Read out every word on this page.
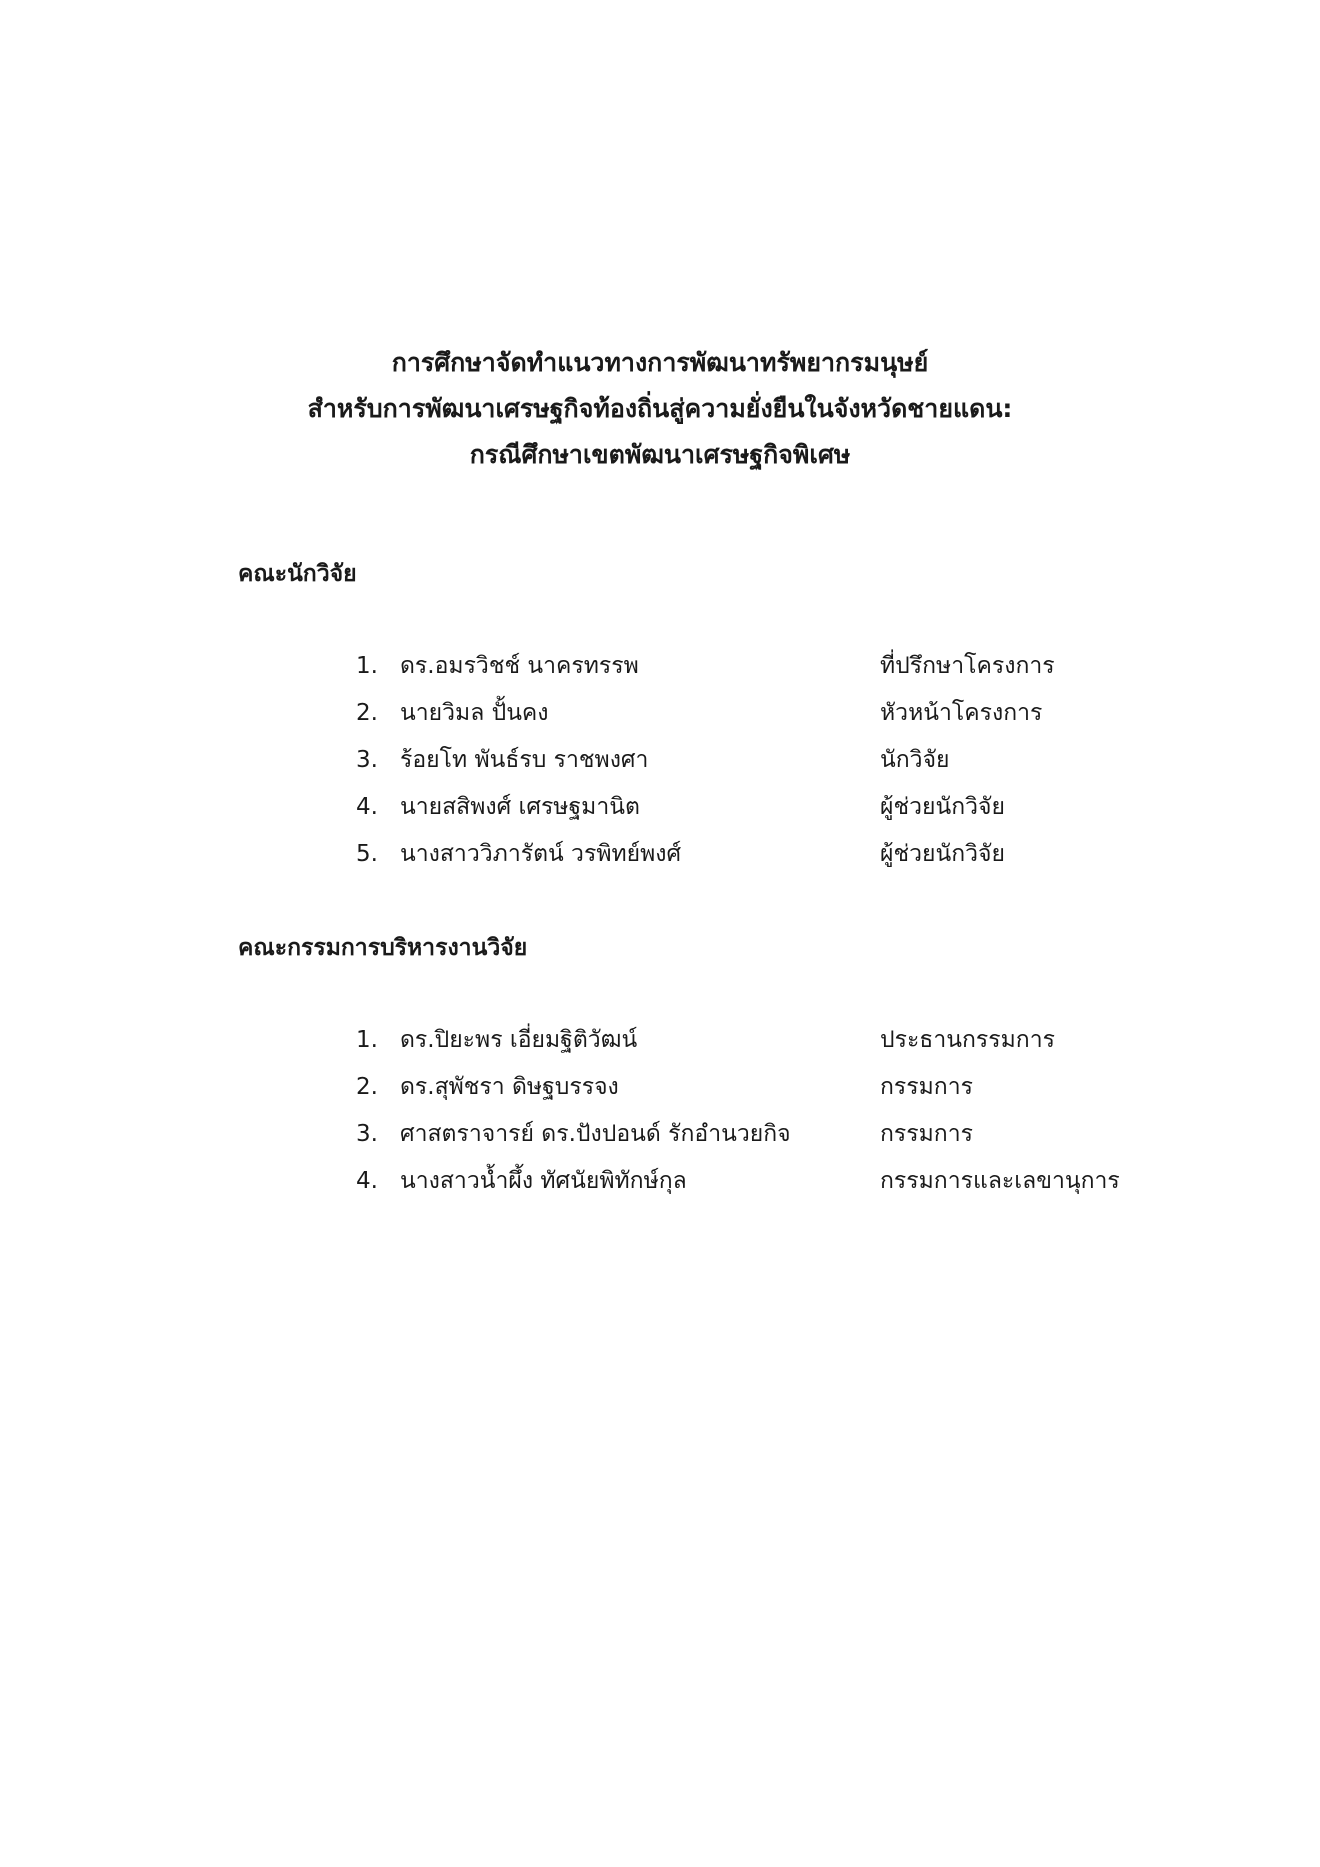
การศึกษาจัดทำแนวทางการพัฒนาทรัพยากรมนุษย์
สำหรับการพัฒนาเศรษฐกิจท้องถิ่นสู่ความยั่งยืนในจังหวัดชายแดน:
กรณีศึกษาเขตพัฒนาเศรษฐกิจพิเศษ
คณะนักวิจัย
1. ดร.อมรวิชช์ นาครทรรพ	ที่ปรึกษาโครงการ
2. นายวิมล ปั้นคง	หัวหน้าโครงการ
3. ร้อยโท พันธ์รบ ราชพงศา	นักวิจัย
4. นายสสิพงศ์ เศรษฐมานิต	ผู้ช่วยนักวิจัย
5. นางสาววิภารัตน์ วรพิทย์พงศ์	ผู้ช่วยนักวิจัย
คณะกรรมการบริหารงานวิจัย
1. ดร.ปิยะพร เอี่ยมฐิติวัฒน์	ประธานกรรมการ
2. ดร.สุพัชรา ดิษฐบรรจง	กรรมการ
3. ศาสตราจารย์ ดร.ปังปอนด์ รักอำนวยกิจ	กรรมการ
4. นางสาวน้ำผึ้ง ทัศนัยพิทักษ์กุล	กรรมการและเลขานุการ
